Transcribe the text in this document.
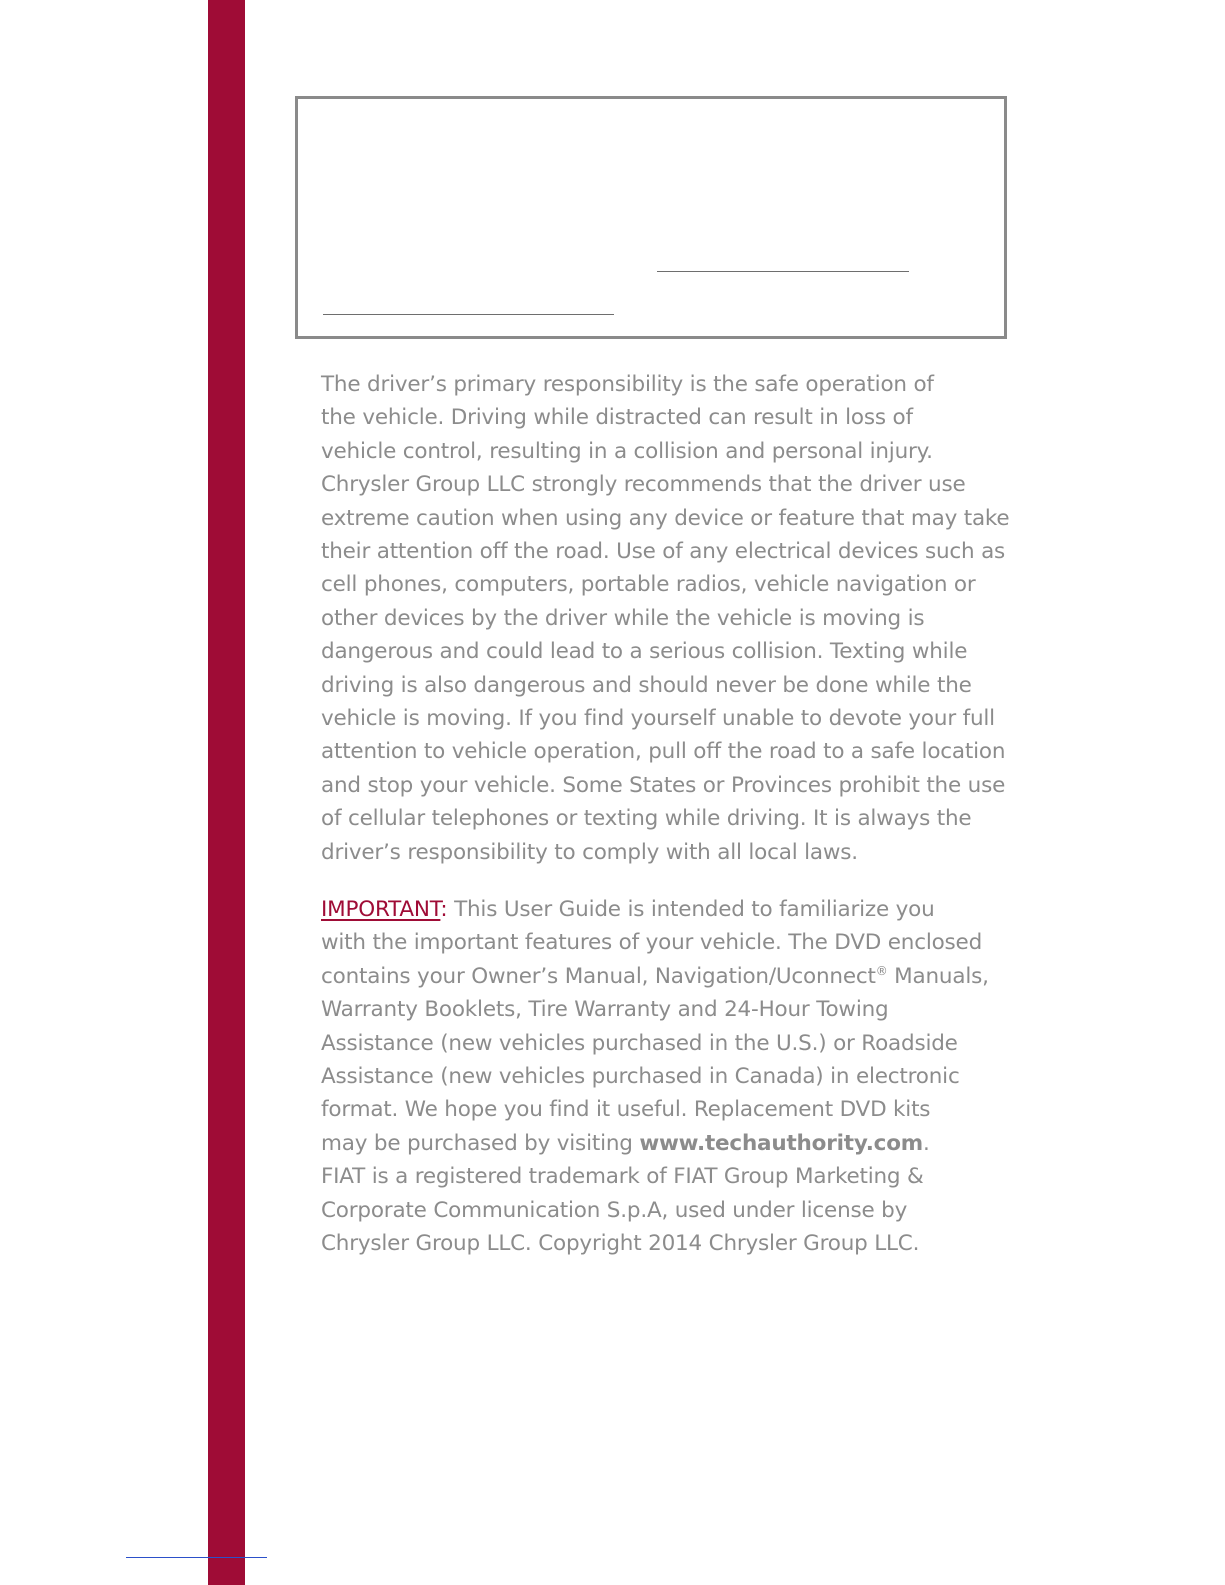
The driver’s primary responsibility is the safe operation of
the vehicle. Driving while distracted can result in loss of
vehicle control, resulting in a collision and personal injury.
Chrysler Group LLC strongly recommends that the driver use
extreme caution when using any device or feature that may take
their attention off the road. Use of any electrical devices such as
cell phones, computers, portable radios, vehicle navigation or
other devices by the driver while the vehicle is moving is
dangerous and could lead to a serious collision. Texting while
driving is also dangerous and should never be done while the
vehicle is moving. If you find yourself unable to devote your full
attention to vehicle operation, pull off the road to a safe location
and stop your vehicle. Some States or Provinces prohibit the use
of cellular telephones or texting while driving. It is always the
driver’s responsibility to comply with all local laws.
IMPORTANT: This User Guide is intended to familiarize you
with the important features of your vehicle. The DVD enclosed
contains your Owner’s Manual, Navigation/Uconnect® Manuals,
Warranty Booklets, Tire Warranty and 24-Hour Towing
Assistance (new vehicles purchased in the U.S.) or Roadside
Assistance (new vehicles purchased in Canada) in electronic
format. We hope you find it useful. Replacement DVD kits
may be purchased by visiting www.techauthority.com.
FIAT is a registered trademark of FIAT Group Marketing &
Corporate Communication S.p.A, used under license by
Chrysler Group LLC. Copyright 2014 Chrysler Group LLC.
